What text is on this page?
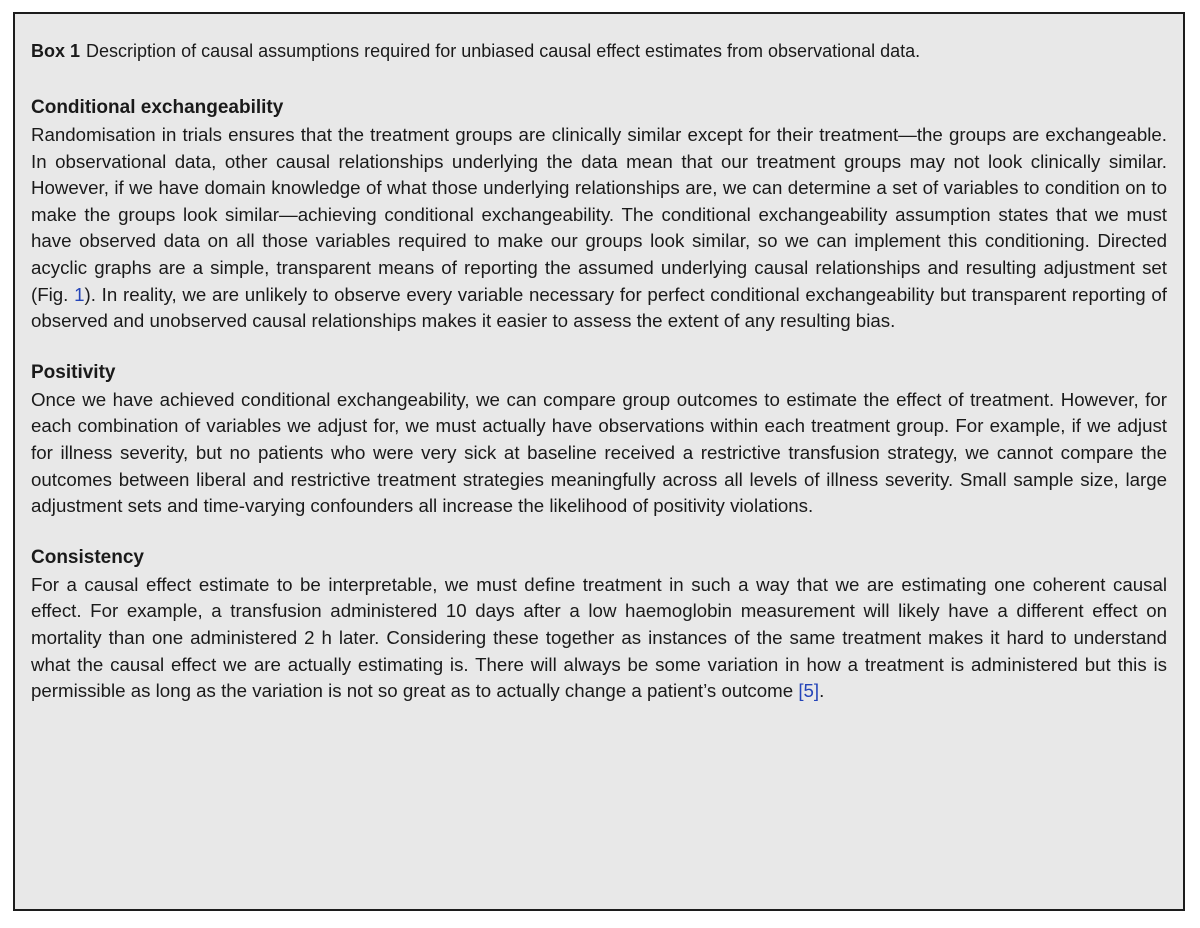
Box 1 Description of causal assumptions required for unbiased causal effect estimates from observational data.

Conditional exchangeability

Randomisation in trials ensures that the treatment groups are clinically similar except for their treatment—the groups are exchangeable. In observational data, other causal relationships underlying the data mean that our treatment groups may not look clinically similar. However, if we have domain knowledge of what those underlying relationships are, we can determine a set of variables to condition on to make the groups look similar—achieving conditional exchangeability. The conditional exchangeability assumption states that we must have observed data on all those variables required to make our groups look similar, so we can implement this conditioning. Directed acyclic graphs are a simple, transparent means of reporting the assumed underlying causal relationships and resulting adjustment set (Fig. 1). In reality, we are unlikely to observe every variable necessary for perfect conditional exchangeability but transparent reporting of observed and unobserved causal relationships makes it easier to assess the extent of any resulting bias.

Positivity

Once we have achieved conditional exchangeability, we can compare group outcomes to estimate the effect of treatment. However, for each combination of variables we adjust for, we must actually have observations within each treatment group. For example, if we adjust for illness severity, but no patients who were very sick at baseline received a restrictive transfusion strategy, we cannot compare the outcomes between liberal and restrictive treatment strategies meaningfully across all levels of illness severity. Small sample size, large adjustment sets and time-varying confounders all increase the likelihood of positivity violations.

Consistency

For a causal effect estimate to be interpretable, we must define treatment in such a way that we are estimating one coherent causal effect. For example, a transfusion administered 10 days after a low haemoglobin measurement will likely have a different effect on mortality than one administered 2 h later. Considering these together as instances of the same treatment makes it hard to understand what the causal effect we are actually estimating is. There will always be some variation in how a treatment is administered but this is permissible as long as the variation is not so great as to actually change a patient’s outcome [5].
